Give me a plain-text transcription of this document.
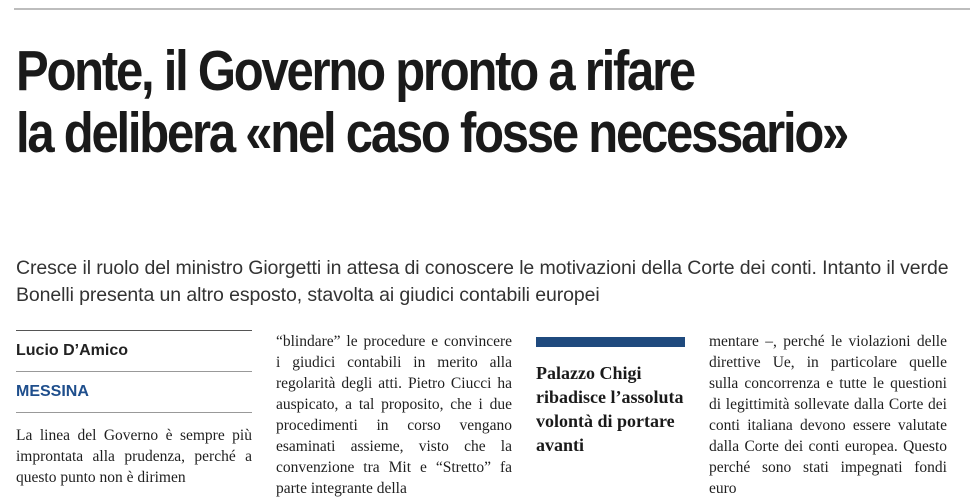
Ponte, il Governo pronto a rifare
la delibera «nel caso fosse necessario»
Cresce il ruolo del ministro Giorgetti in attesa di conoscere le motivazioni della Corte dei conti. Intanto il verde Bonelli presenta un altro esposto, stavolta ai giudici contabili europei
Lucio D’Amico
MESSINA
La linea del Governo è sempre più improntata alla prudenza, perché a questo punto non è dirimen
“blindare” le procedure e convincere i giudici contabili in merito alla regolarità degli atti. Pietro Ciucci ha auspicato, a tal proposito, che i due procedimenti in corso vengano esaminati assieme, visto che la convenzione tra Mit e “Stretto” fa parte integrante della
Palazzo Chigi ribadisce l’assoluta volontà di portare avanti
mentare –, perché le violazioni delle direttive Ue, in particolare quelle sulla concorrenza e tutte le questioni di legittimità sollevate dalla Corte dei conti italiana devono essere valutate dalla Corte dei conti europea. Questo perché sono stati impegnati fondi euro
